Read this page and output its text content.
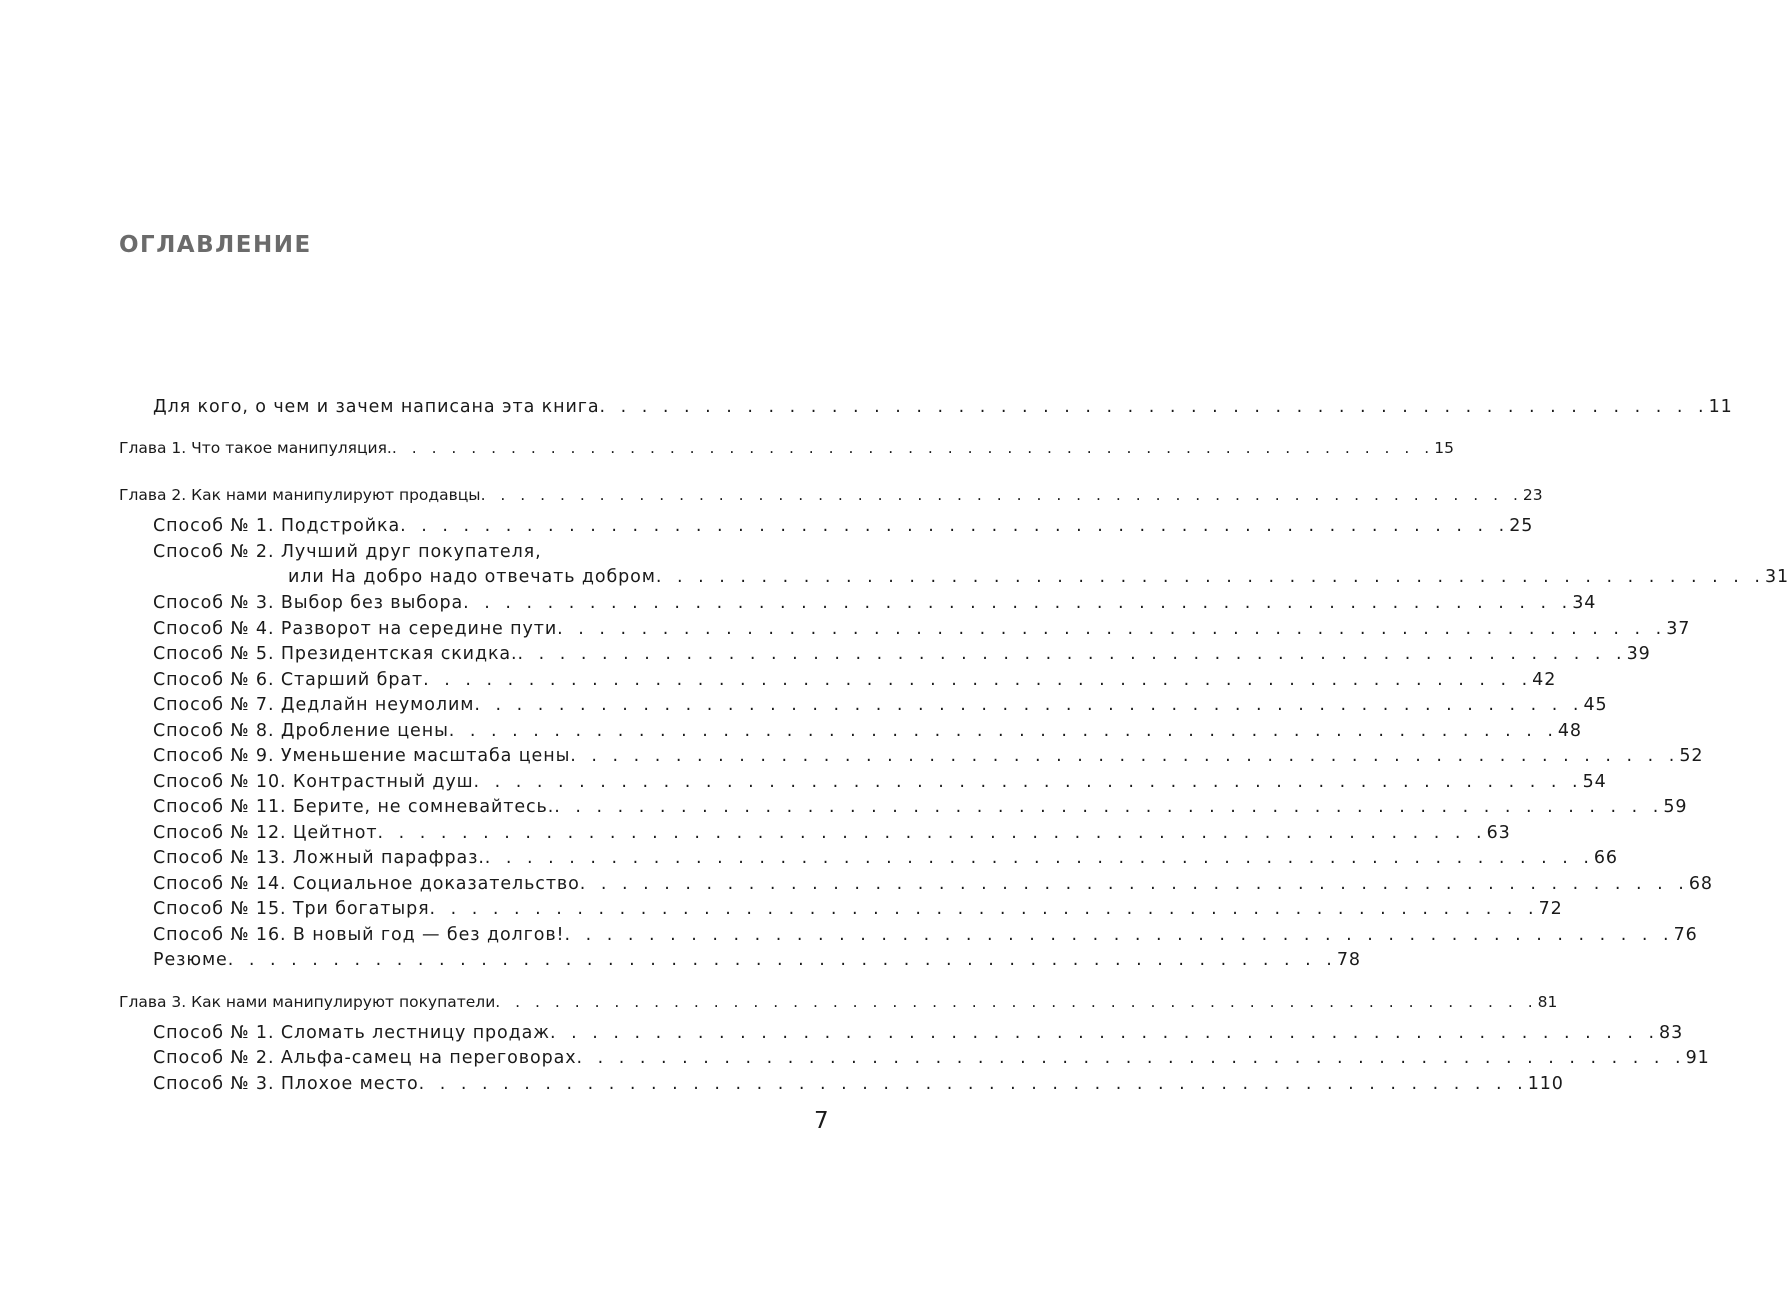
ОГЛАВЛЕНИЕ
Для кого, о чем и зачем написана эта книга . . . . . . . . . . . . . . . . . . . . . . . . . . . . . . . . . . . . . . . . . . . . . . . . . . . . . 11
Глава 1. Что такое манипуляция. . . . . . . . . . . . . . . . . . . . . . . . . . . . . . . . . . . . . . . . . . . . . . . . . . . . . . 15
Глава 2. Как нами манипулируют продавцы . . . . . . . . . . . . . . . . . . . . . . . . . . . . . . . . . . . . . . . . . . . . . . . . . . . . . 23
Способ № 1. Подстройка . . . . . . . . . . . . . . . . . . . . . . . . . . . . . . . . . . . . . . . . . . . . . . . . . . . . . 25
Способ № 2. Лучший друг покупателя,
или На добро надо отвечать добром . . . . . . . . . . . . . . . . . . . . . . . . . . . . . . . . . . . . . . . . . . . . . . . . . . . . . 31
Способ № 3. Выбор без выбора . . . . . . . . . . . . . . . . . . . . . . . . . . . . . . . . . . . . . . . . . . . . . . . . . . . . . 34
Способ № 4. Разворот на середине пути . . . . . . . . . . . . . . . . . . . . . . . . . . . . . . . . . . . . . . . . . . . . . . . . . . . . . 37
Способ № 5. Президентская скидка. . . . . . . . . . . . . . . . . . . . . . . . . . . . . . . . . . . . . . . . . . . . . . . . . . . . . . 39
Способ № 6. Старший брат . . . . . . . . . . . . . . . . . . . . . . . . . . . . . . . . . . . . . . . . . . . . . . . . . . . . . 42
Способ № 7. Дедлайн неумолим . . . . . . . . . . . . . . . . . . . . . . . . . . . . . . . . . . . . . . . . . . . . . . . . . . . . . 45
Способ № 8. Дробление цены . . . . . . . . . . . . . . . . . . . . . . . . . . . . . . . . . . . . . . . . . . . . . . . . . . . . . 48
Способ № 9. Уменьшение масштаба цены . . . . . . . . . . . . . . . . . . . . . . . . . . . . . . . . . . . . . . . . . . . . . . . . . . . . . 52
Способ № 10. Контрастный душ . . . . . . . . . . . . . . . . . . . . . . . . . . . . . . . . . . . . . . . . . . . . . . . . . . . . . 54
Способ № 11. Берите, не сомневайтесь. . . . . . . . . . . . . . . . . . . . . . . . . . . . . . . . . . . . . . . . . . . . . . . . . . . . . . 59
Способ № 12. Цейтнот . . . . . . . . . . . . . . . . . . . . . . . . . . . . . . . . . . . . . . . . . . . . . . . . . . . . . 63
Способ № 13. Ложный парафраз. . . . . . . . . . . . . . . . . . . . . . . . . . . . . . . . . . . . . . . . . . . . . . . . . . . . . . 66
Способ № 14. Социальное доказательство . . . . . . . . . . . . . . . . . . . . . . . . . . . . . . . . . . . . . . . . . . . . . . . . . . . . . 68
Способ № 15. Три богатыря . . . . . . . . . . . . . . . . . . . . . . . . . . . . . . . . . . . . . . . . . . . . . . . . . . . . . 72
Способ № 16. В новый год — без долгов! . . . . . . . . . . . . . . . . . . . . . . . . . . . . . . . . . . . . . . . . . . . . . . . . . . . . . 76
Резюме . . . . . . . . . . . . . . . . . . . . . . . . . . . . . . . . . . . . . . . . . . . . . . . . . . . . . 78
Глава 3. Как нами манипулируют покупатели . . . . . . . . . . . . . . . . . . . . . . . . . . . . . . . . . . . . . . . . . . . . . . . . . . . . . 81
Способ № 1. Сломать лестницу продаж . . . . . . . . . . . . . . . . . . . . . . . . . . . . . . . . . . . . . . . . . . . . . . . . . . . . . 83
Способ № 2. Альфа-самец на переговорах . . . . . . . . . . . . . . . . . . . . . . . . . . . . . . . . . . . . . . . . . . . . . . . . . . . . . 91
Способ № 3. Плохое место . . . . . . . . . . . . . . . . . . . . . . . . . . . . . . . . . . . . . . . . . . . . . . . . . . . . . 110
7
